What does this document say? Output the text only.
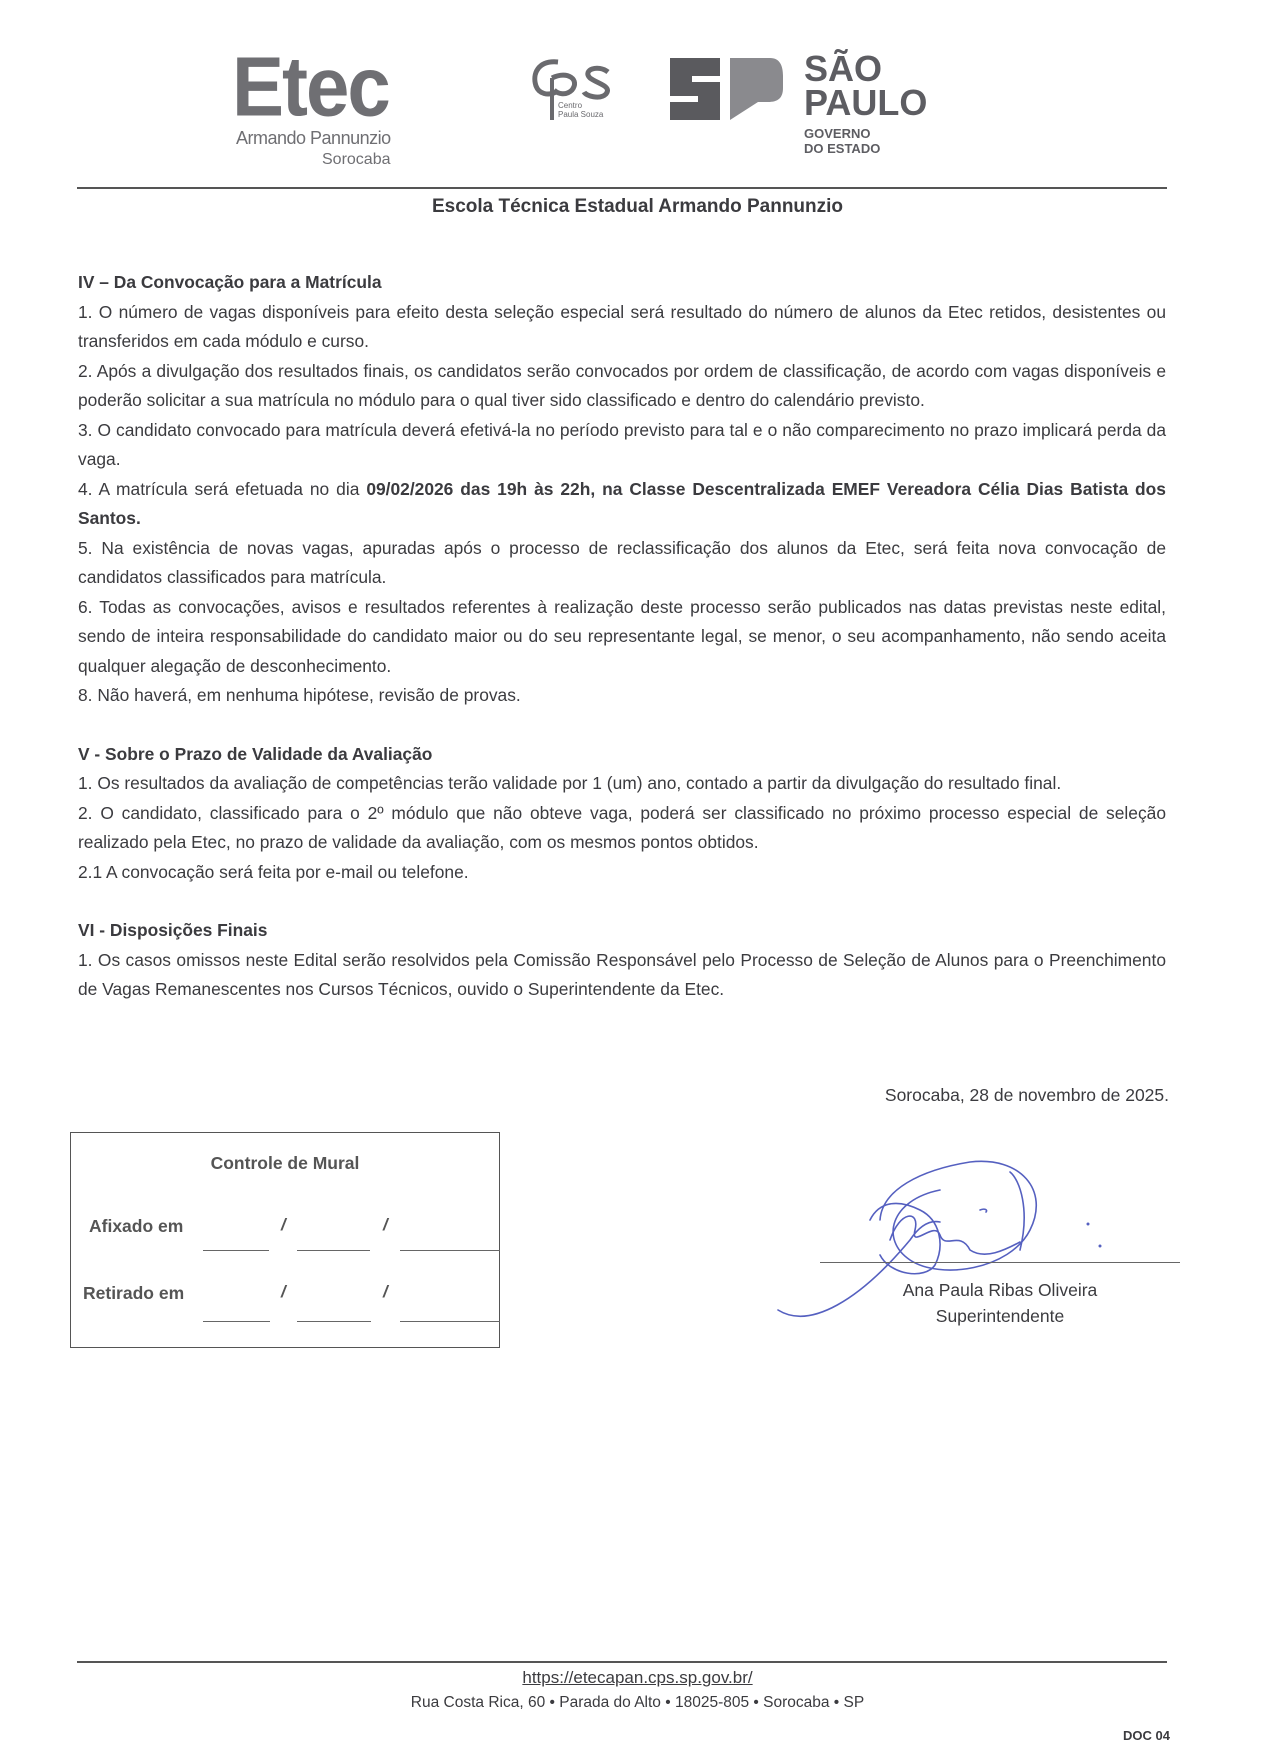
Etec
Armando Pannunzio
Sorocaba
Centro
Paula Souza
SÃO
PAULO
GOVERNO
DO ESTADO
Escola Técnica Estadual Armando Pannunzio

IV – Da Convocação para a Matrícula

1. O número de vagas disponíveis para efeito desta seleção especial será resultado do número de alunos da Etec retidos, desistentes ou transferidos em cada módulo e curso.

2. Após a divulgação dos resultados finais, os candidatos serão convocados por ordem de classificação, de acordo com vagas disponíveis e poderão solicitar a sua matrícula no módulo para o qual tiver sido classificado e dentro do calendário previsto.

3. O candidato convocado para matrícula deverá efetivá-la no período previsto para tal e o não comparecimento no prazo implicará perda da vaga.

4. A matrícula será efetuada no dia 09/02/2026 das 19h às 22h, na Classe Descentralizada EMEF Vereadora Célia Dias Batista dos Santos.

5. Na existência de novas vagas, apuradas após o processo de reclassificação dos alunos da Etec, será feita nova convocação de candidatos classificados para matrícula.

6. Todas as convocações, avisos e resultados referentes à realização deste processo serão publicados nas datas previstas neste edital, sendo de inteira responsabilidade do candidato maior ou do seu representante legal, se menor, o seu acompanhamento, não sendo aceita qualquer alegação de desconhecimento.

8. Não haverá, em nenhuma hipótese, revisão de provas.

V - Sobre o Prazo de Validade da Avaliação

1. Os resultados da avaliação de competências terão validade por 1 (um) ano, contado a partir da divulgação do resultado final.

2. O candidato, classificado para o 2º módulo que não obteve vaga, poderá ser classificado no próximo processo especial de seleção realizado pela Etec, no prazo de validade da avaliação, com os mesmos pontos obtidos.

2.1 A convocação será feita por e-mail ou telefone.

VI - Disposições Finais

1. Os casos omissos neste Edital serão resolvidos pela Comissão Responsável pelo Processo de Seleção de Alunos para o Preenchimento de Vagas Remanescentes nos Cursos Técnicos, ouvido o Superintendente da Etec.

Sorocaba, 28 de novembro de 2025.
Controle de Mural
Afixado em	/	/
Retirado em	/	/	Ana Paula Ribas Oliveira
Superintendente
https://etecapan.cps.sp.gov.br/
Rua Costa Rica, 60 • Parada do Alto • 18025-805 • Sorocaba • SP
DOC 04
